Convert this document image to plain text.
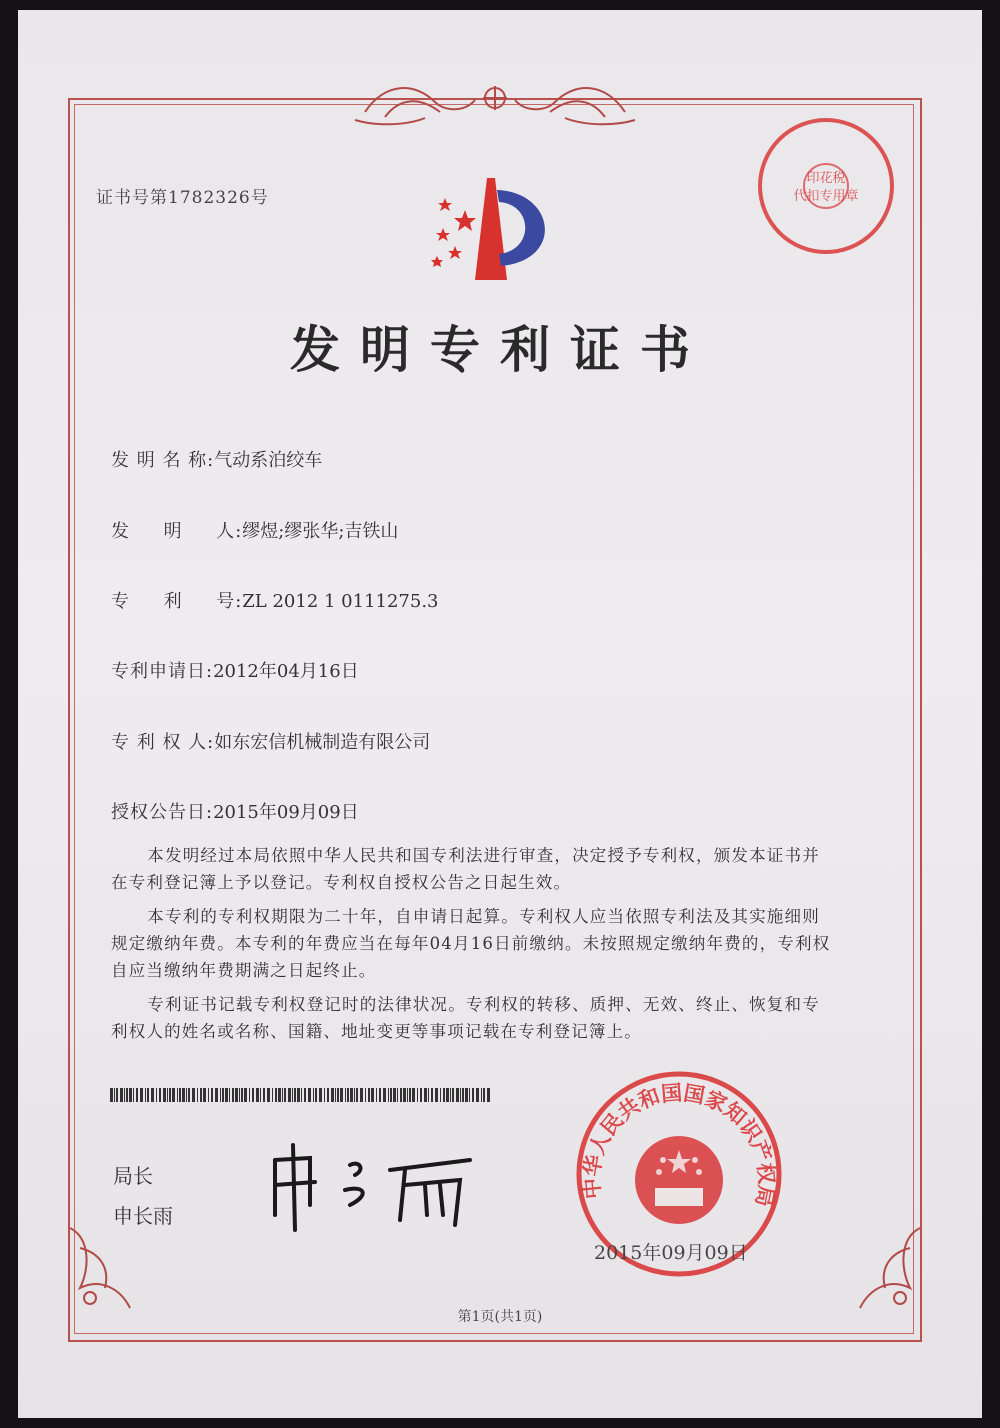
证书号第1782326号
印花税
代扣专用章
发明专利证书
发 明 名 称:气动系泊绞车
发     明     人:缪煜;缪张华;吉铁山
专     利     号:ZL 2012 1 0111275.3
专利申请日:2012年04月16日
专 利 权 人:如东宏信机械制造有限公司
授权公告日:2015年09月09日

本发明经过本局依照中华人民共和国专利法进行审查，决定授予专利权，颁发本证书并在专利登记簿上予以登记。专利权自授权公告之日起生效。

本专利的专利权期限为二十年，自申请日起算。专利权人应当依照专利法及其实施细则规定缴纳年费。本专利的年费应当在每年04月16日前缴纳。未按照规定缴纳年费的，专利权自应当缴纳年费期满之日起终止。

专利证书记载专利权登记时的法律状况。专利权的转移、质押、无效、终止、恢复和专利权人的姓名或名称、国籍、地址变更等事项记载在专利登记簿上。

局长
申长雨
中华人民共和国国家知识产权局
2015年09月09日
第1页(共1页)
